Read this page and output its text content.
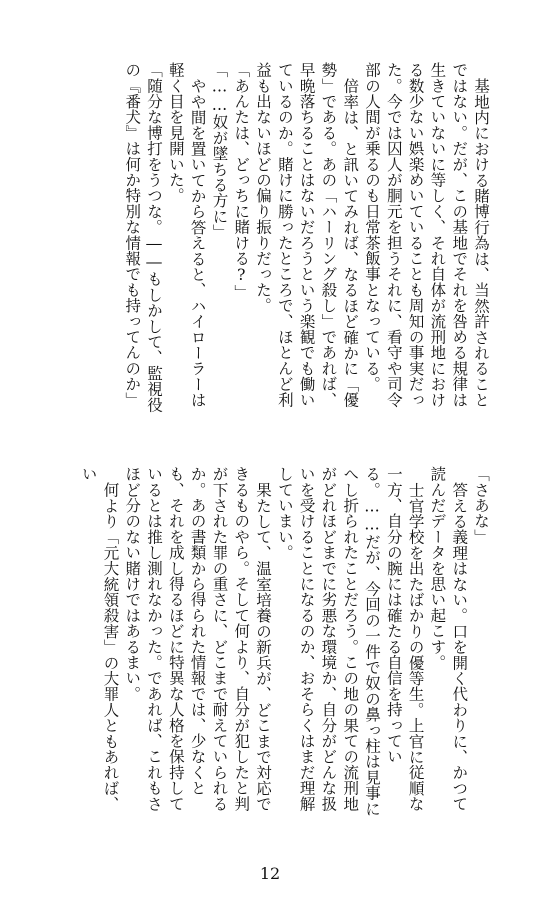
基地内における賭博行為は、当然許されることではない。だが、この基地でそれを咎める規律は生きていないに等しく、それ自体が流刑地における数少ない娯楽めいていることも周知の事実だった。今では囚人が胴元を担うそれに、看守や司令部の人間が乗るのも日常茶飯事となっている。

倍率は、と訊いてみれば、なるほど確かに「優勢」である。あの「ハーリング殺し」であれば、早晩落ちることはないだろうという楽観でも働いているのか。賭けに勝ったところで、ほとんど利益も出ないほどの偏り振りだった。

「あんたは、どっちに賭ける?」

「……奴が墜ちる方に」

やや間を置いてから答えると、ハイローラーは軽く目を見開いた。

「随分な博打をうつな。――もしかして、監視役の『番犬』は何か特別な情報でも持ってんのか」

「さあな」

答える義理はない。口を開く代わりに、かつて読んだデータを思い起こす。

士官学校を出たばかりの優等生。上官に従順な一方、自分の腕には確たる自信を持っている。……だが、今回の一件で奴の鼻っ柱は見事にへし折られたことだろう。この地の果ての流刑地がどれほどまでに劣悪な環境か、自分がどんな扱いを受けることになるのか、おそらくはまだ理解していまい。

果たして、温室培養の新兵が、どこまで対応できるものやら。そして何より、自分が犯したと判が下された罪の重さに、どこまで耐えていられるか。あの書類から得られた情報では、少なくとも、それを成し得るほどに特異な人格を保持しているとは推し測れなかった。であれば、これもさほど分のない賭けではあるまい。

何より「元大統領殺害」の大罪人ともあれば、い

12
